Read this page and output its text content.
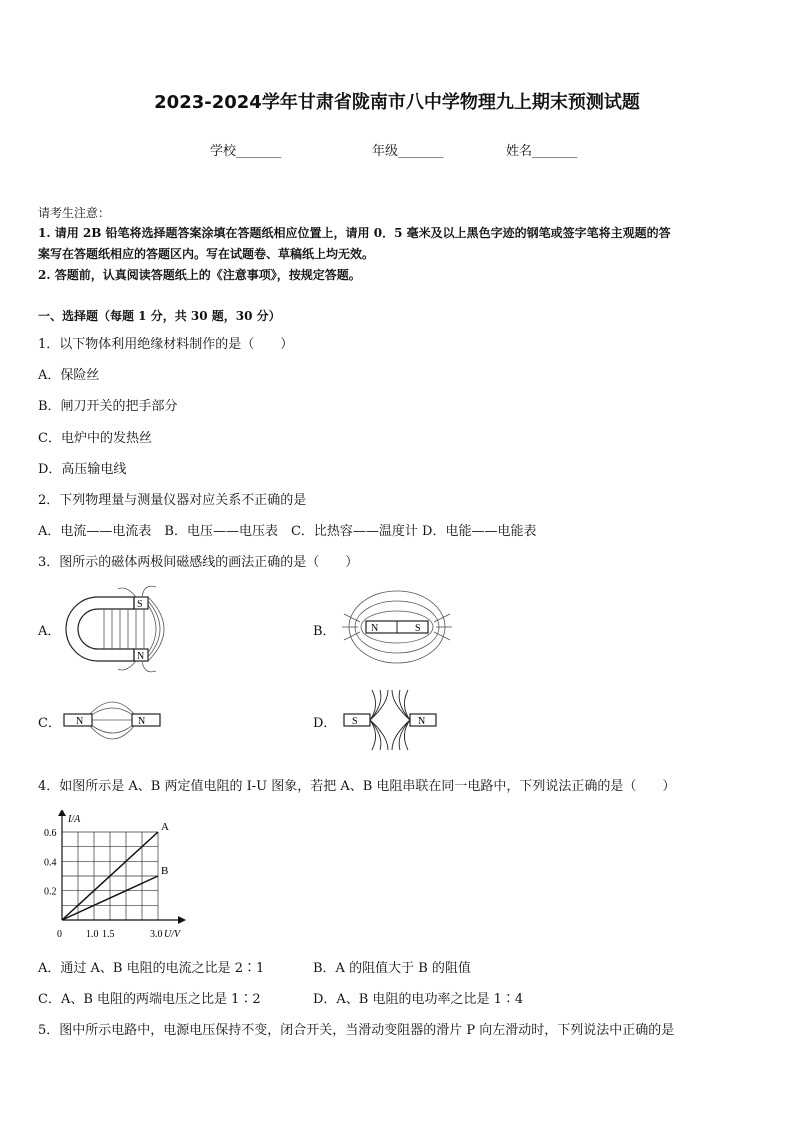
2023-2024学年甘肃省陇南市八中学物理九上期末预测试题
学校_______	年级_______	姓名_______
请考生注意：
1. 请用 2B 铅笔将选择题答案涂填在答题纸相应位置上，请用 0．5 毫米及以上黑色字迹的钢笔或签字笔将主观题的答
案写在答题纸相应的答题区内。写在试题卷、草稿纸上均无效。
2. 答题前，认真阅读答题纸上的《注意事项》，按规定答题。
一、选择题（每题 1 分，共 30 题，30 分）
1．以下物体利用绝缘材料制作的是（　　）
A．保险丝
B．闸刀开关的把手部分
C．电炉中的发热丝
D．高压输电线
2．下列物理量与测量仪器对应关系不正确的是
A．电流——电流表　B．电压——电压表　C．比热容——温度计 D．电能——电能表
3．图所示的磁体两极间磁感线的画法正确的是（　　）
A．	B．
C．	D．
S
N
N	S
N	N	S	N
4．如图所示是 A、B 两定值电阻的 I-U 图象，若把 A、B 电阻串联在同一电路中，下列说法正确的是（　　）
I/A
U/V
0 1.0 1.5	3.0
0.2
0.4
0.6
A
B
A．通过 A、B 电阻的电流之比是 2∶1	B．A 的阻值大于 B 的阻值
C．A、B 电阻的两端电压之比是 1∶2	D．A、B 电阻的电功率之比是 1∶4
5．图中所示电路中，电源电压保持不变，闭合开关，当滑动变阻器的滑片 P 向左滑动时，下列说法中正确的是
